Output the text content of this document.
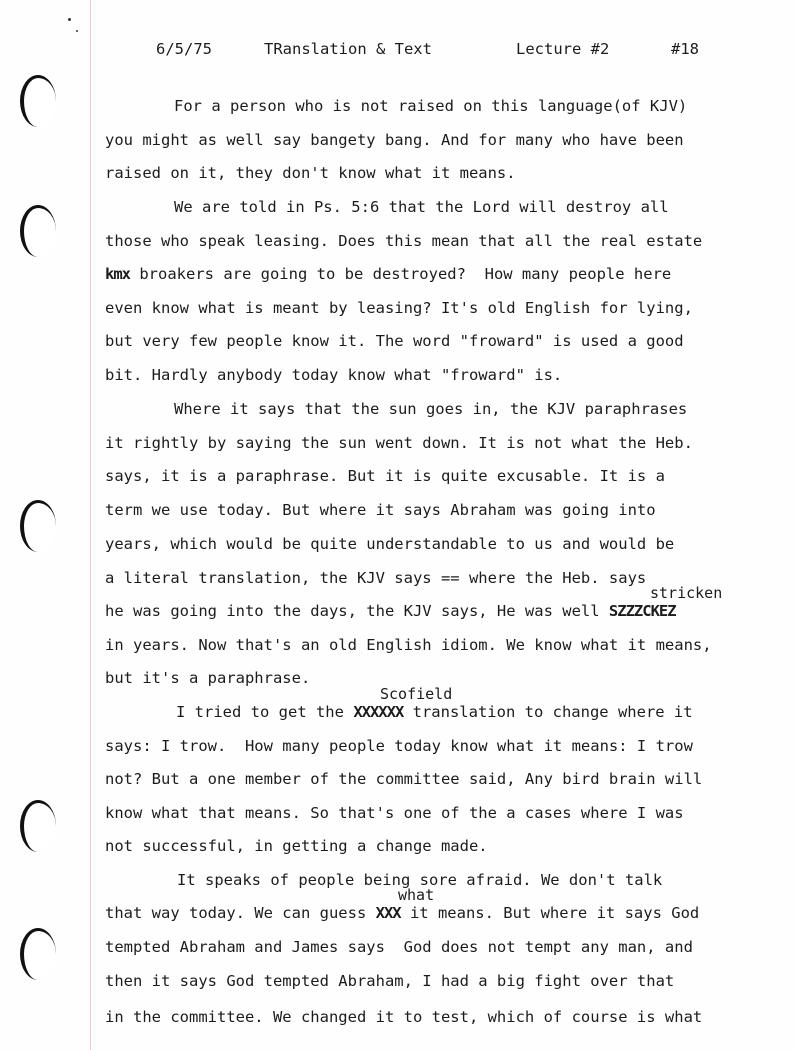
6/5/75	TRanslation & Text	Lecture #2	#18
For a person who is not raised on this language(of KJV)
you might as well say bangety bang. And for many who have been
raised on it, they don't know what it means.
We are told in Ps. 5:6 that the Lord will destroy all
those who speak leasing. Does this mean that all the real estate
kmx broakers are going to be destroyed?  How many people here
even know what is meant by leasing? It's old English for lying,
but very few people know it. The word "froward" is used a good
bit. Hardly anybody today know what "froward" is.
Where it says that the sun goes in, the KJV paraphrases
it rightly by saying the sun went down. It is not what the Heb.
says, it is a paraphrase. But it is quite excusable. It is a
term we use today. But where it says Abraham was going into
years, which would be quite understandable to us and would be
a literal translation, the KJV says == where the Heb. says
stricken
he was going into the days, the KJV says, He was well SZZZCKEZ
in years. Now that's an old English idiom. We know what it means,
but it's a paraphrase.
Scofield
I tried to get the XXXXXX translation to change where it
says: I trow.  How many people today know what it means: I trow
not? But a one member of the committee said, Any bird brain will
know what that means. So that's one of the a cases where I was
not successful, in getting a change made.
It speaks of people being sore afraid. We don't talk
what
that way today. We can guess XXX it means. But where it says God
tempted Abraham and James says  God does not tempt any man, and
then it says God tempted Abraham, I had a big fight over that
in the committee. We changed it to test, which of course is what
